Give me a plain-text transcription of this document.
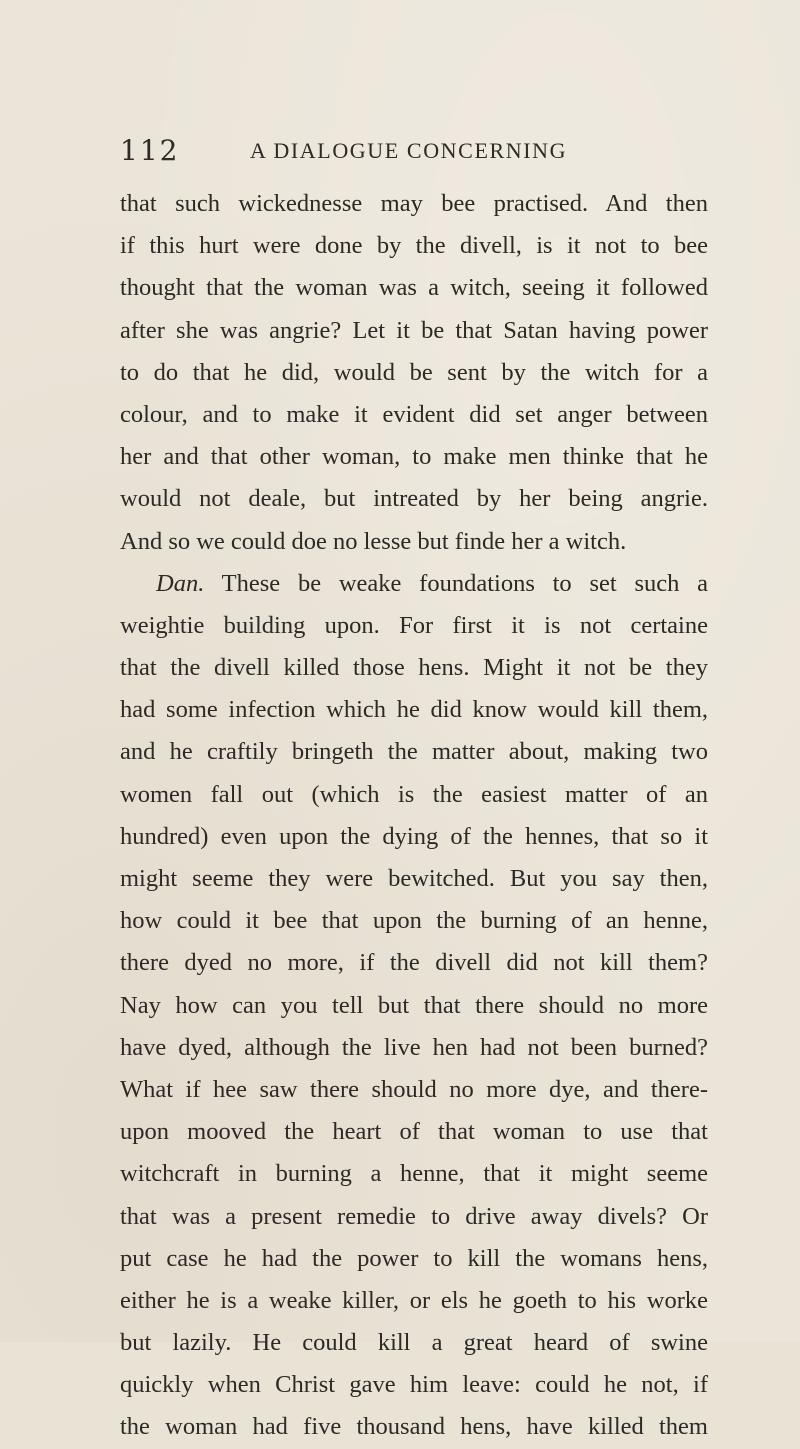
112	A DIALOGUE CONCERNING
that such wickednesse may bee practised. And then
if this hurt were done by the divell, is it not to bee
thought that the woman was a witch, seeing it followed
after she was angrie? Let it be that Satan having power
to do that he did, would be sent by the witch for a
colour, and to make it evident did set anger between
her and that other woman, to make men thinke that he
would not deale, but intreated by her being angrie.
And so we could doe no lesse but finde her a witch.
Dan. These be weake foundations to set such a
weightie building upon. For first it is not certaine
that the divell killed those hens. Might it not be they
had some infection which he did know would kill them,
and he craftily bringeth the matter about, making two
women fall out (which is the easiest matter of an
hundred) even upon the dying of the hennes, that so it
might seeme they were bewitched. But you say then,
how could it bee that upon the burning of an henne,
there dyed no more, if the divell did not kill them?
Nay how can you tell but that there should no more
have dyed, although the live hen had not been burned?
What if hee saw there should no more dye, and there-
upon mooved the heart of that woman to use that
witchcraft in burning a henne, that it might seeme
that was a present remedie to drive away divels? Or
put case he had the power to kill the womans hens,
either he is a weake killer, or els he goeth to his worke
but lazily. He could kill a great heard of swine
quickly when Christ gave him leave: could he not, if
the woman had five thousand hens, have killed them
